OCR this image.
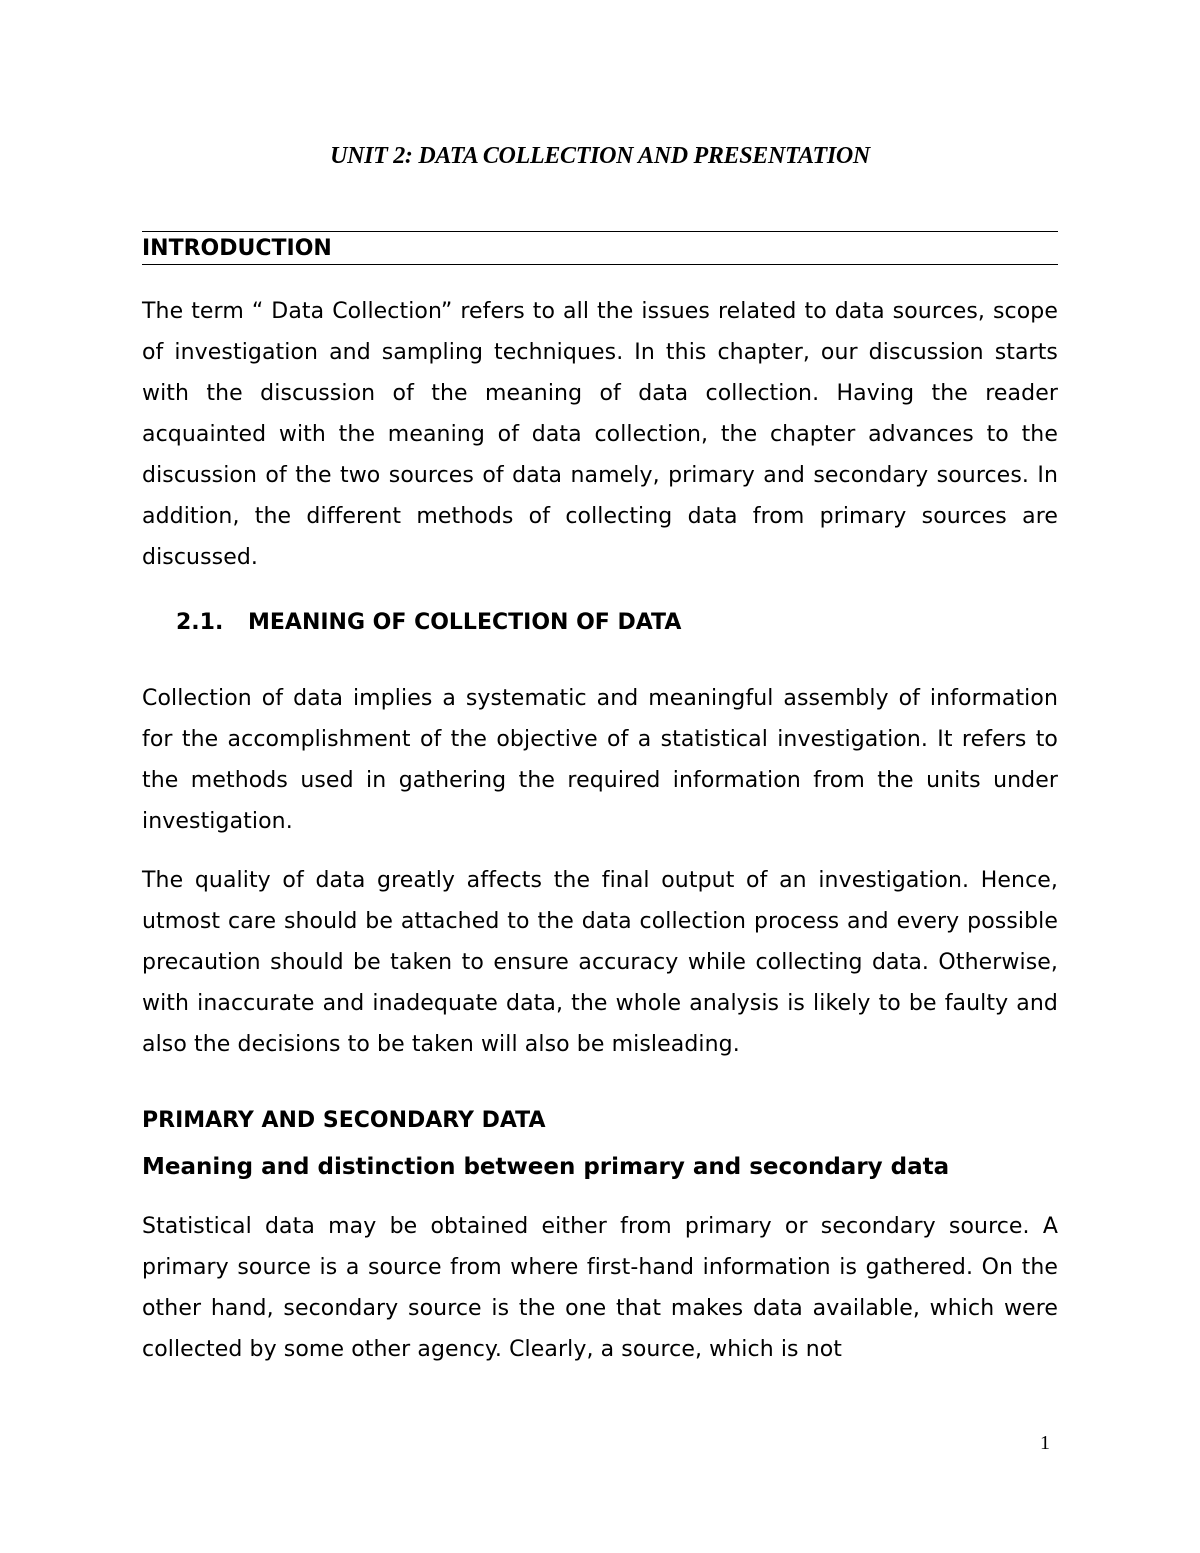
UNIT 2: DATA COLLECTION AND PRESENTATION
INTRODUCTION

The term “ Data Collection” refers to all the issues related to data sources, scope of investigation and sampling techniques. In this chapter, our discussion starts with the discussion of the meaning of data collection. Having the reader acquainted with the meaning of data collection, the chapter advances to the discussion of the two sources of data namely, primary and secondary sources. In addition, the different methods of collecting data from primary sources are discussed.

2.1. MEANING OF COLLECTION OF DATA

Collection of data implies a systematic and meaningful assembly of information for the accomplishment of the objective of a statistical investigation. It refers to the methods used in gathering the required information from the units under investigation.

The quality of data greatly affects the final output of an investigation. Hence, utmost care should be attached to the data collection process and every possible precaution should be taken to ensure accuracy while collecting data. Otherwise, with inaccurate and inadequate data, the whole analysis is likely to be faulty and also the decisions to be taken will also be misleading.

PRIMARY AND SECONDARY DATA
Meaning and distinction between primary and secondary data

Statistical data may be obtained either from primary or secondary source. A primary source is a source from where first-hand information is gathered. On the other hand, secondary source is the one that makes data available, which were collected by some other agency. Clearly, a source, which is not

1
